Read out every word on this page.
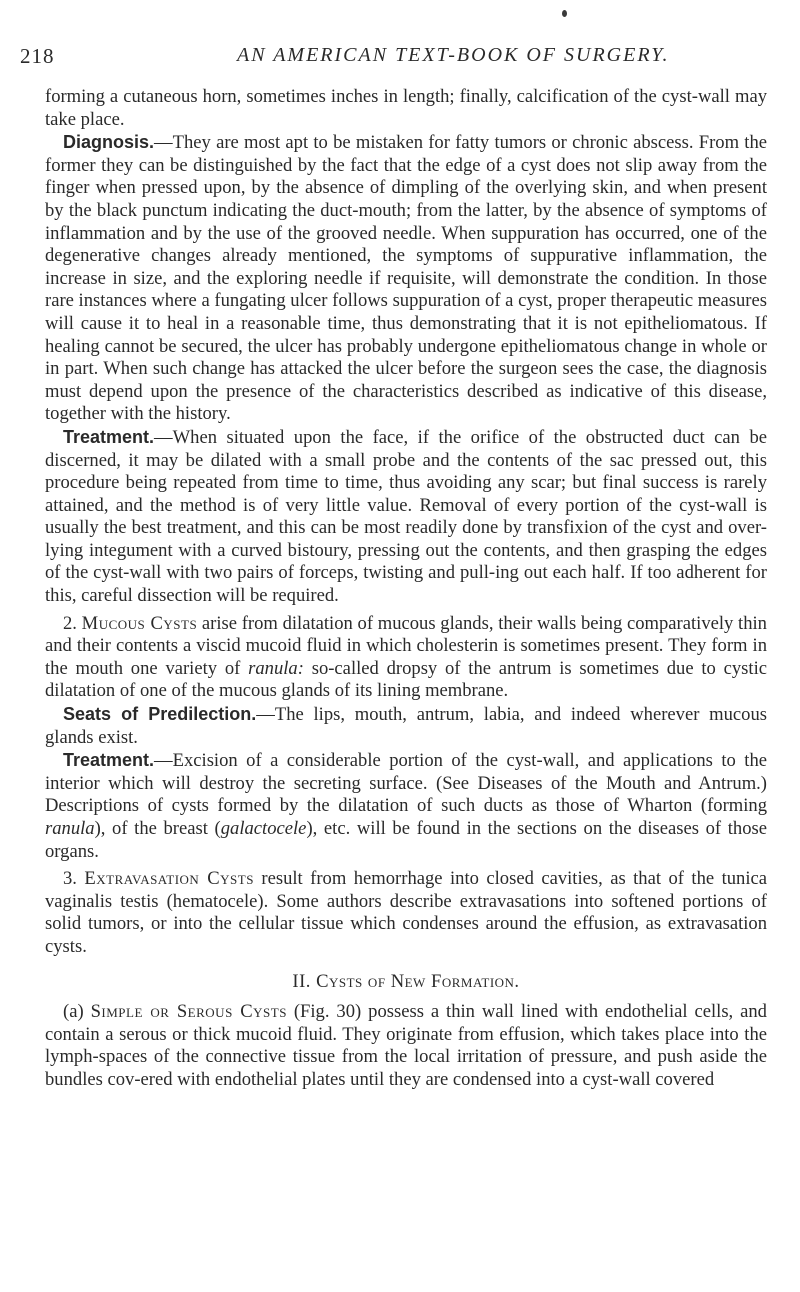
218	AN AMERICAN TEXT-BOOK OF SURGERY.

forming a cutaneous horn, sometimes inches in length; finally, calcification of the cyst-wall may take place.

Diagnosis.—They are most apt to be mistaken for fatty tumors or chronic abscess. From the former they can be distinguished by the fact that the edge of a cyst does not slip away from the finger when pressed upon, by the absence of dimpling of the overlying skin, and when present by the black punctum indicating the duct-mouth; from the latter, by the absence of symptoms of inflammation and by the use of the grooved needle. When suppuration has occurred, one of the degenerative changes already mentioned, the symptoms of suppurative inflammation, the increase in size, and the exploring needle if requisite, will demonstrate the condition. In those rare instances where a fungating ulcer follows suppuration of a cyst, proper therapeutic measures will cause it to heal in a reasonable time, thus demonstrating that it is not epitheliomatous. If healing cannot be secured, the ulcer has probably undergone epitheliomatous change in whole or in part. When such change has attacked the ulcer before the surgeon sees the case, the diagnosis must depend upon the presence of the characteristics described as indicative of this disease, together with the history.

Treatment.—When situated upon the face, if the orifice of the obstructed duct can be discerned, it may be dilated with a small probe and the contents of the sac pressed out, this procedure being repeated from time to time, thus avoiding any scar; but final success is rarely attained, and the method is of very little value. Removal of every portion of the cyst-wall is usually the best treatment, and this can be most readily done by transfixion of the cyst and over-lying integument with a curved bistoury, pressing out the contents, and then grasping the edges of the cyst-wall with two pairs of forceps, twisting and pull-ing out each half. If too adherent for this, careful dissection will be required.

2. Mucous Cysts arise from dilatation of mucous glands, their walls being comparatively thin and their contents a viscid mucoid fluid in which cholesterin is sometimes present. They form in the mouth one variety of ranula: so-called dropsy of the antrum is sometimes due to cystic dilatation of one of the mucous glands of its lining membrane.

Seats of Predilection.—The lips, mouth, antrum, labia, and indeed wherever mucous glands exist.

Treatment.—Excision of a considerable portion of the cyst-wall, and applications to the interior which will destroy the secreting surface. (See Diseases of the Mouth and Antrum.) Descriptions of cysts formed by the dilatation of such ducts as those of Wharton (forming ranula), of the breast (galactocele), etc. will be found in the sections on the diseases of those organs.

3. Extravasation Cysts result from hemorrhage into closed cavities, as that of the tunica vaginalis testis (hematocele). Some authors describe extravasations into softened portions of solid tumors, or into the cellular tissue which condenses around the effusion, as extravasation cysts.

II. Cysts of New Formation.

(a) Simple or Serous Cysts (Fig. 30) possess a thin wall lined with endothelial cells, and contain a serous or thick mucoid fluid. They originate from effusion, which takes place into the lymph-spaces of the connective tissue from the local irritation of pressure, and push aside the bundles cov-ered with endothelial plates until they are condensed into a cyst-wall covered
